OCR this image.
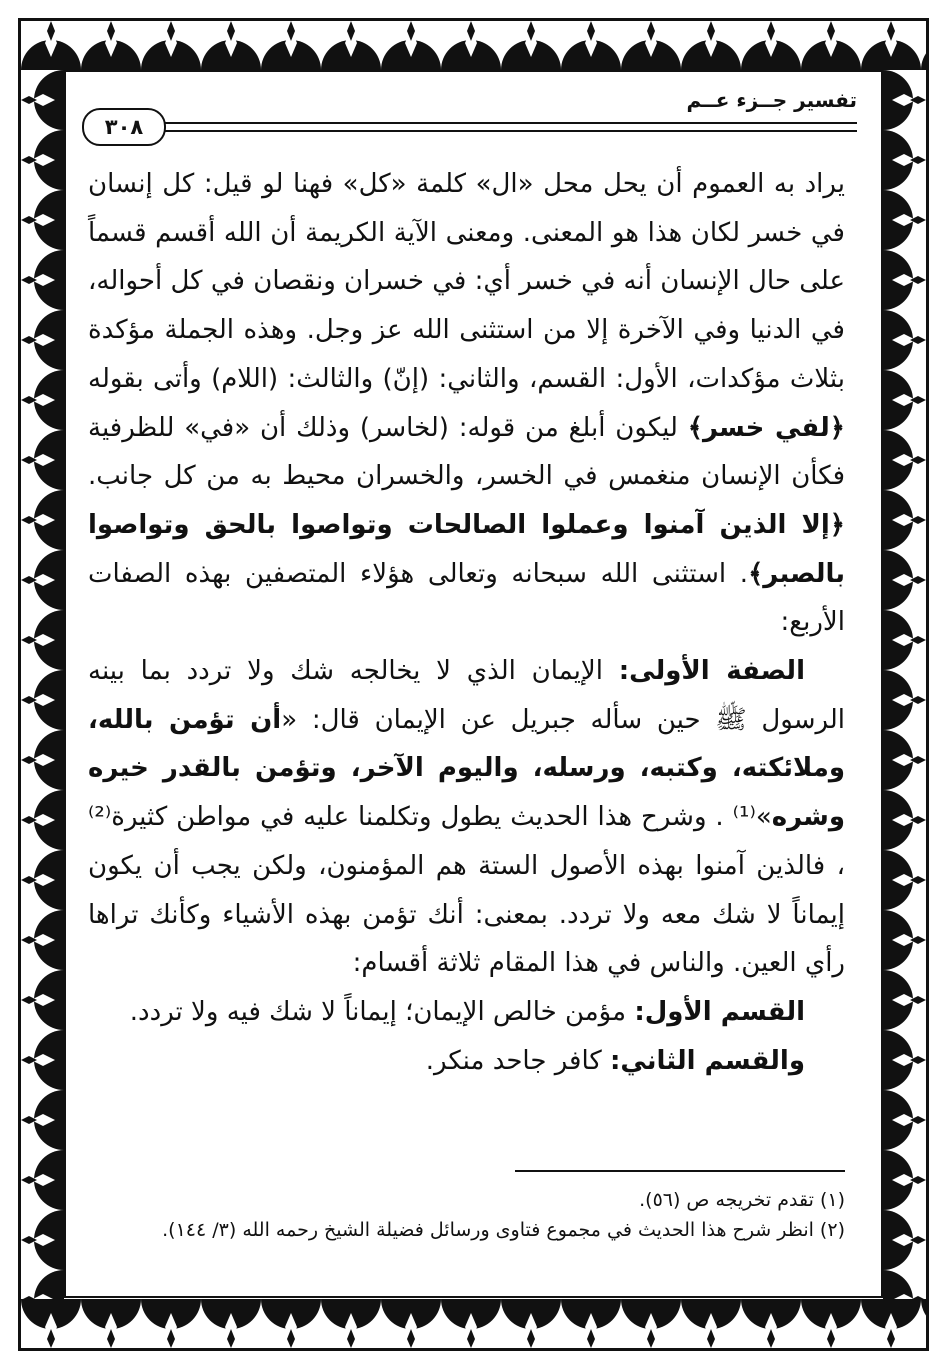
تفسير جــزء عــم
٣٠٨

يراد به العموم أن يحل محل «ال» كلمة «كل» فهنا لو قيل: كل إنسان في خسر لكان هذا هو المعنى. ومعنى الآية الكريمة أن الله أقسم قسماً على حال الإنسان أنه في خسر أي: في خسران ونقصان في كل أحواله، في الدنيا وفي الآخرة إلا من استثنى الله عز وجل. وهذه الجملة مؤكدة بثلاث مؤكدات، الأول: القسم، والثاني: (إنّ) والثالث: (اللام) وأتى بقوله ﴿لفي خسر﴾ ليكون أبلغ من قوله: (لخاسر) وذلك أن «في» للظرفية فكأن الإنسان منغمس في الخسر، والخسران محيط به من كل جانب. ﴿إلا الذين آمنوا وعملوا الصالحات وتواصوا بالحق وتواصوا بالصبر﴾. استثنى الله سبحانه وتعالى هؤلاء المتصفين بهذه الصفات الأربع:

الصفة الأولى: الإيمان الذي لا يخالجه شك ولا تردد بما بينه الرسول ﷺ حين سأله جبريل عن الإيمان قال: «أن تؤمن بالله، وملائكته، وكتبه، ورسله، واليوم الآخر، وتؤمن بالقدر خيره وشره»⁽¹⁾ . وشرح هذا الحديث يطول وتكلمنا عليه في مواطن كثيرة⁽²⁾ ، فالذين آمنوا بهذه الأصول الستة هم المؤمنون، ولكن يجب أن يكون إيماناً لا شك معه ولا تردد. بمعنى: أنك تؤمن بهذه الأشياء وكأنك تراها رأي العين. والناس في هذا المقام ثلاثة أقسام:

القسم الأول: مؤمن خالص الإيمان؛ إيماناً لا شك فيه ولا تردد.

والقسم الثاني: كافر جاحد منكر.

(١) تقدم تخريجه ص (٥٦).

(٢) انظر شرح هذا الحديث في مجموع فتاوى ورسائل فضيلة الشيخ رحمه الله (٣/ ١٤٤).
